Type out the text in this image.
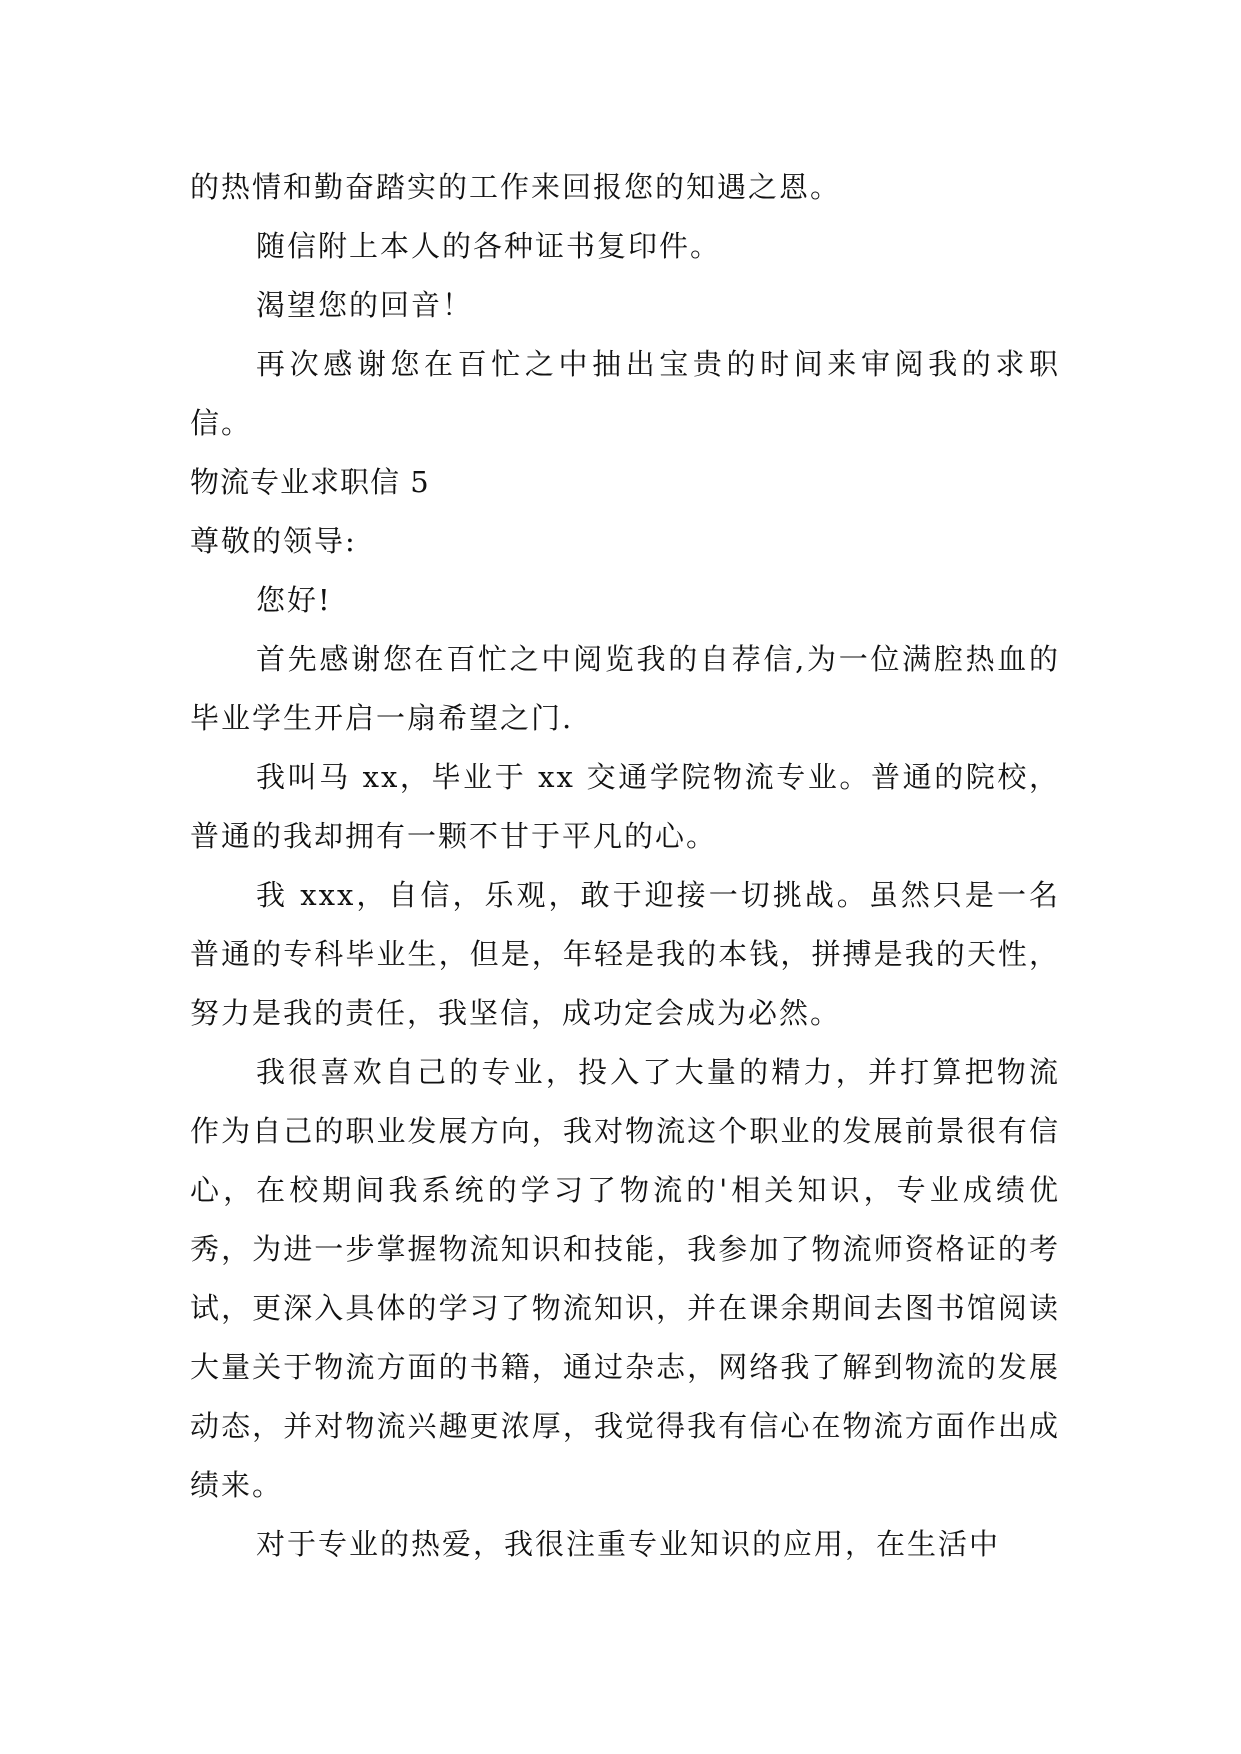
的热情和勤奋踏实的工作来回报您的知遇之恩。

随信附上本人的各种证书复印件。

渴望您的回音！

再次感谢您在百忙之中抽出宝贵的时间来审阅我的求职信。

物流专业求职信 5

尊敬的领导:

您好!

首先感谢您在百忙之中阅览我的自荐信,为一位满腔热血的毕业学生开启一扇希望之门.

我叫马 xx，毕业于 xx 交通学院物流专业。普通的院校，普通的我却拥有一颗不甘于平凡的心。

我 xxx，自信，乐观，敢于迎接一切挑战。虽然只是一名普通的专科毕业生，但是，年轻是我的本钱，拼搏是我的天性，努力是我的责任，我坚信，成功定会成为必然。

我很喜欢自己的专业，投入了大量的精力，并打算把物流作为自己的职业发展方向，我对物流这个职业的发展前景很有信心，在校期间我系统的学习了物流的'相关知识，专业成绩优秀，为进一步掌握物流知识和技能，我参加了物流师资格证的考试，更深入具体的学习了物流知识，并在课余期间去图书馆阅读大量关于物流方面的书籍，通过杂志，网络我了解到物流的发展动态，并对物流兴趣更浓厚，我觉得我有信心在物流方面作出成绩来。

对于专业的热爱，我很注重专业知识的应用，在生活中
